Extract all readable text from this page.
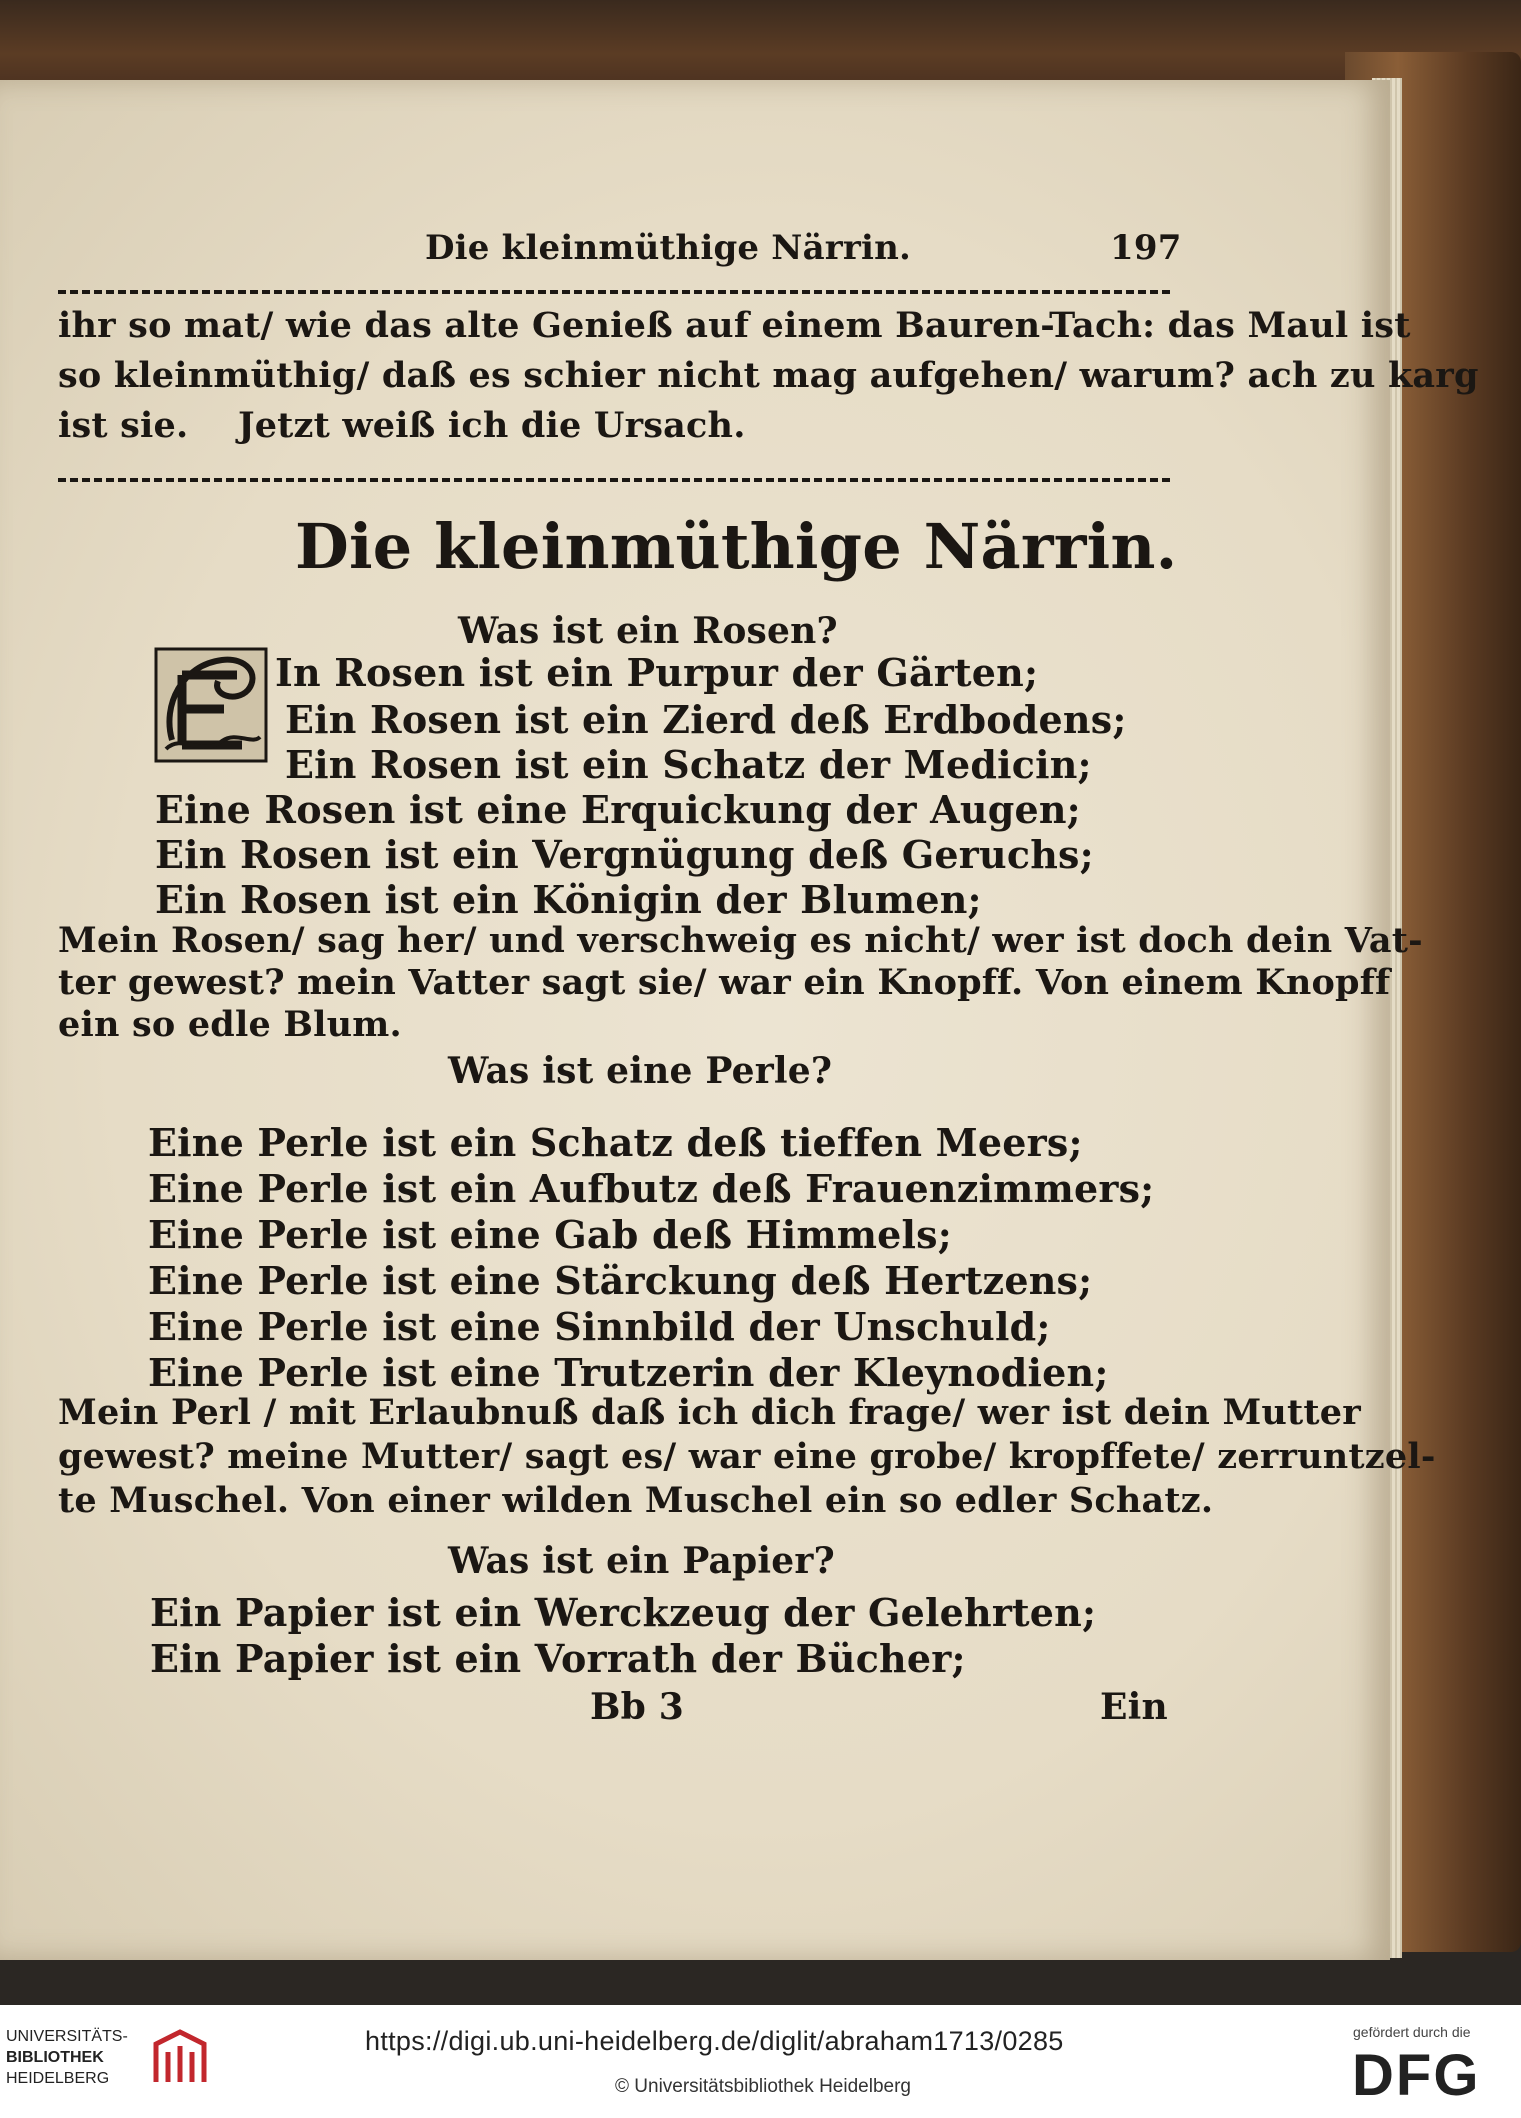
Die kleinmüthige Närrin.	197
ihr so mat/ wie das alte Genieß auf einem Bauren-Tach: das Maul ist
so kleinmüthig/ daß es schier nicht mag aufgehen/ warum? ach zu karg
ist sie.    Jetzt weiß ich die Ursach.
Die kleinmüthige Närrin.
Was ist ein Rosen?
In Rosen ist ein Purpur der Gärten;
Ein Rosen ist ein Zierd deß Erdbodens;
Ein Rosen ist ein Schatz der Medicin;
Eine Rosen ist eine Erquickung der Augen;
Ein Rosen ist ein Vergnügung deß Geruchs;
Ein Rosen ist ein Königin der Blumen;
Mein Rosen/ sag her/ und verschweig es nicht/ wer ist doch dein Vat-
ter gewest? mein Vatter sagt sie/ war ein Knopff. Von einem Knopff
ein so edle Blum.
Was ist eine Perle?
Eine Perle ist ein Schatz deß tieffen Meers;
Eine Perle ist ein Aufbutz deß Frauenzimmers;
Eine Perle ist eine Gab deß Himmels;
Eine Perle ist eine Stärckung deß Hertzens;
Eine Perle ist eine Sinnbild der Unschuld;
Eine Perle ist eine Trutzerin der Kleynodien;
Mein Perl / mit Erlaubnuß daß ich dich frage/ wer ist dein Mutter
gewest? meine Mutter/ sagt es/ war eine grobe/ kropffete/ zerruntzel-
te Muschel. Von einer wilden Muschel ein so edler Schatz.
Was ist ein Papier?
Ein Papier ist ein Werckzeug der Gelehrten;
Ein Papier ist ein Vorrath der Bücher;
Bb 3	Ein
UNIVERSITÄTS-
BIBLIOTHEK
HEIDELBERG
https://digi.ub.uni-heidelberg.de/diglit/abraham1713/0285
© Universitätsbibliothek Heidelberg
gefördert durch die
DFG
